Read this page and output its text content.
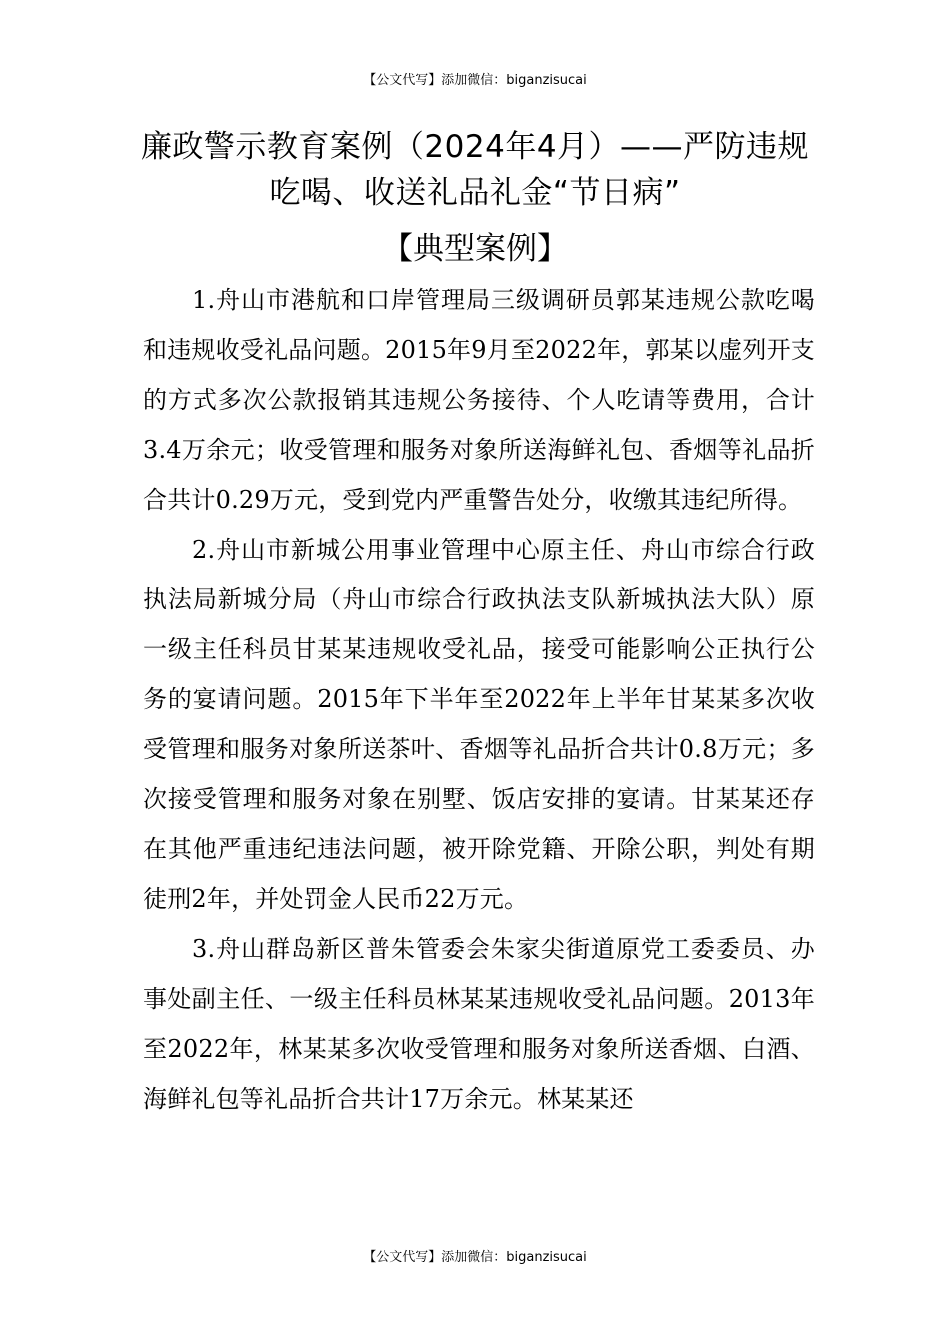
【公文代写】添加微信：biganzisucai
廉政警示教育案例（2024年4月）——严防违规吃喝、收送礼品礼金“节日病”
【典型案例】

1.舟山市港航和口岸管理局三级调研员郭某违规公款吃喝和违规收受礼品问题。2015年9月至2022年，郭某以虚列开支的方式多次公款报销其违规公务接待、个人吃请等费用，合计3.4万余元；收受管理和服务对象所送海鲜礼包、香烟等礼品折合共计0.29万元，受到党内严重警告处分，收缴其违纪所得。

2.舟山市新城公用事业管理中心原主任、舟山市综合行政执法局新城分局（舟山市综合行政执法支队新城执法大队）原一级主任科员甘某某违规收受礼品，接受可能影响公正执行公务的宴请问题。2015年下半年至2022年上半年甘某某多次收受管理和服务对象所送茶叶、香烟等礼品折合共计0.8万元；多次接受管理和服务对象在别墅、饭店安排的宴请。甘某某还存在其他严重违纪违法问题，被开除党籍、开除公职，判处有期徒刑2年，并处罚金人民币22万元。

3.舟山群岛新区普朱管委会朱家尖街道原党工委委员、办事处副主任、一级主任科员林某某违规收受礼品问题。2013年至2022年，林某某多次收受管理和服务对象所送香烟、白酒、海鲜礼包等礼品折合共计17万余元。林某某还

【公文代写】添加微信：biganzisucai
